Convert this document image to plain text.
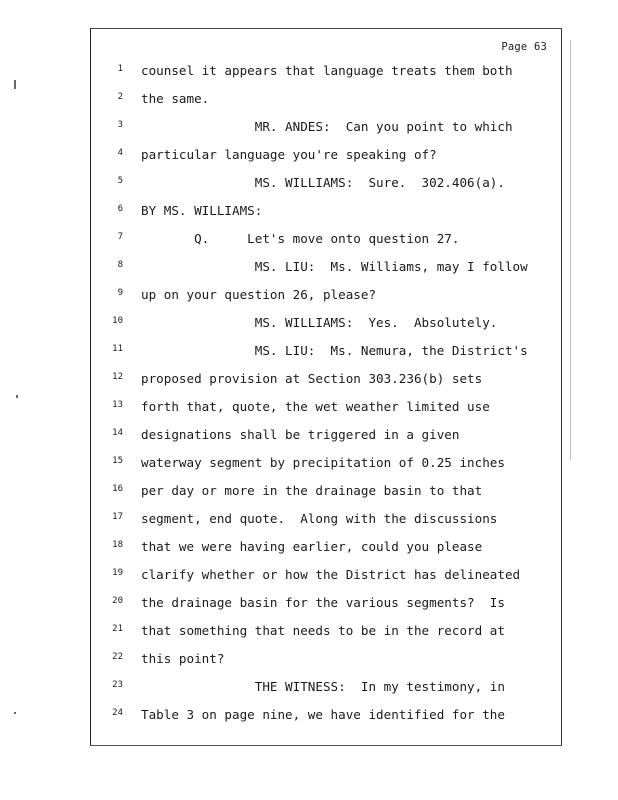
Page 63
1 counsel it appears that language treats them both
2 the same.
3 MR. ANDES:  Can you point to which
4 particular language you're speaking of?
5 MS. WILLIAMS:  Sure.  302.406(a).
6 BY MS. WILLIAMS:
7 Q.     Let's move onto question 27.
8 MS. LIU:  Ms. Williams, may I follow
9 up on your question 26, please?
10 MS. WILLIAMS:  Yes.  Absolutely.
11 MS. LIU:  Ms. Nemura, the District's
12 proposed provision at Section 303.236(b) sets
13 forth that, quote, the wet weather limited use
14 designations shall be triggered in a given
15 waterway segment by precipitation of 0.25 inches
16 per day or more in the drainage basin to that
17 segment, end quote.  Along with the discussions
18 that we were having earlier, could you please
19 clarify whether or how the District has delineated
20 the drainage basin for the various segments?  Is
21 that something that needs to be in the record at
22 this point?
23 THE WITNESS:  In my testimony, in
24 Table 3 on page nine, we have identified for the
